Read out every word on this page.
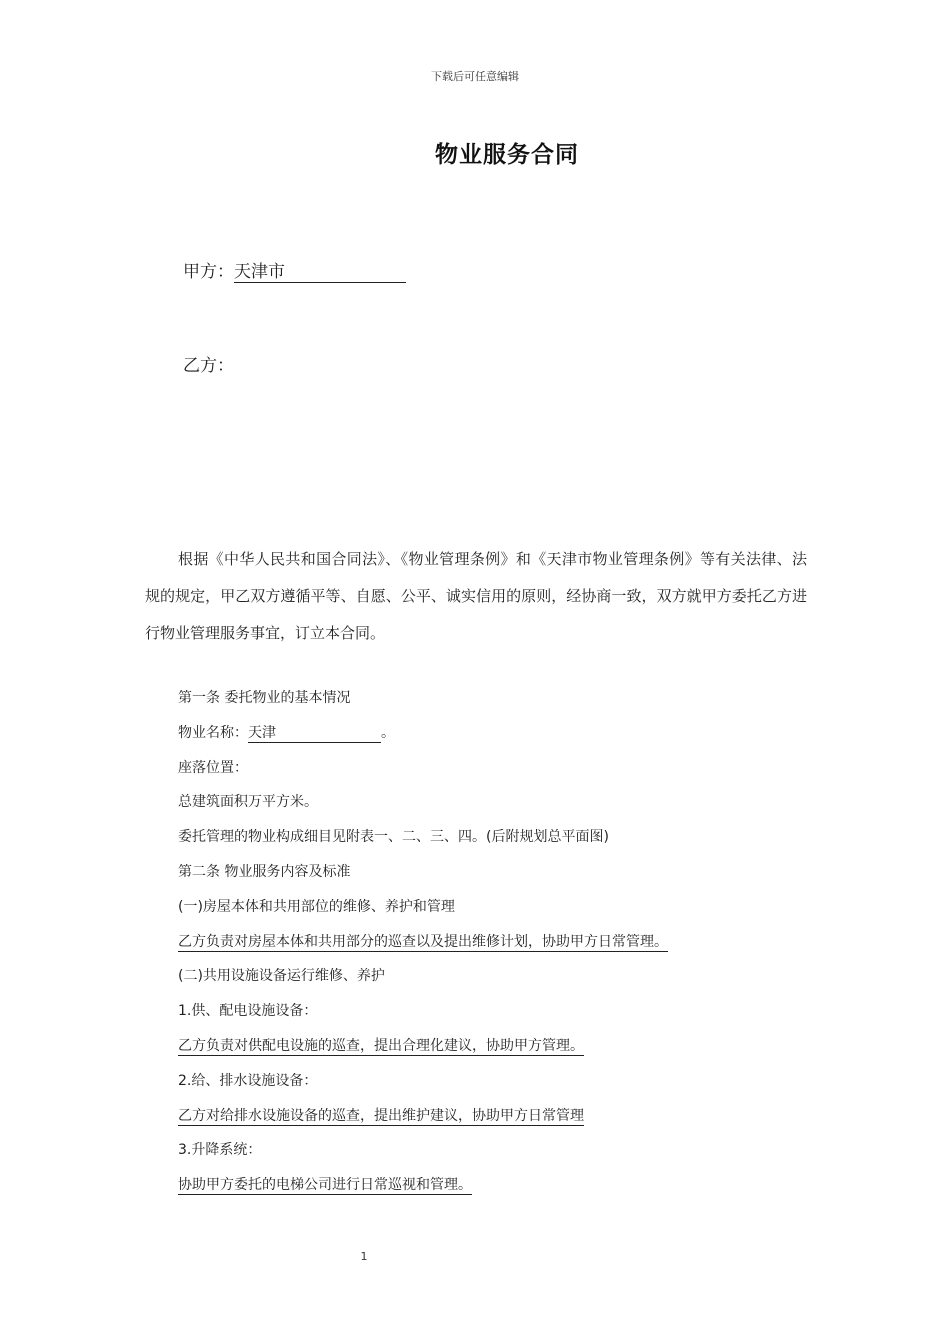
下载后可任意编辑
物业服务合同
甲方：天津市
乙方：

根据《中华人民共和国合同法》、《物业管理条例》和《天津市物业管理条例》等有关法律、法规的规定，甲乙双方遵循平等、自愿、公平、诚实信用的原则，经协商一致，双方就甲方委托乙方进行物业管理服务事宜，订立本合同。

第一条 委托物业的基本情况
物业名称：天津	。
座落位置：
总建筑面积万平方米。
委托管理的物业构成细目见附表一、二、三、四。(后附规划总平面图)
第二条 物业服务内容及标准
(一)房屋本体和共用部位的维修、养护和管理
乙方负责对房屋本体和共用部分的巡查以及提出维修计划，协助甲方日常管理。
(二)共用设施设备运行维修、养护
1.供、配电设施设备：
乙方负责对供配电设施的巡查，提出合理化建议，协助甲方管理。
2.给、排水设施设备：
乙方对给排水设施设备的巡查，提出维护建议，协助甲方日常管理
3.升降系统：
协助甲方委托的电梯公司进行日常巡视和管理。
1
